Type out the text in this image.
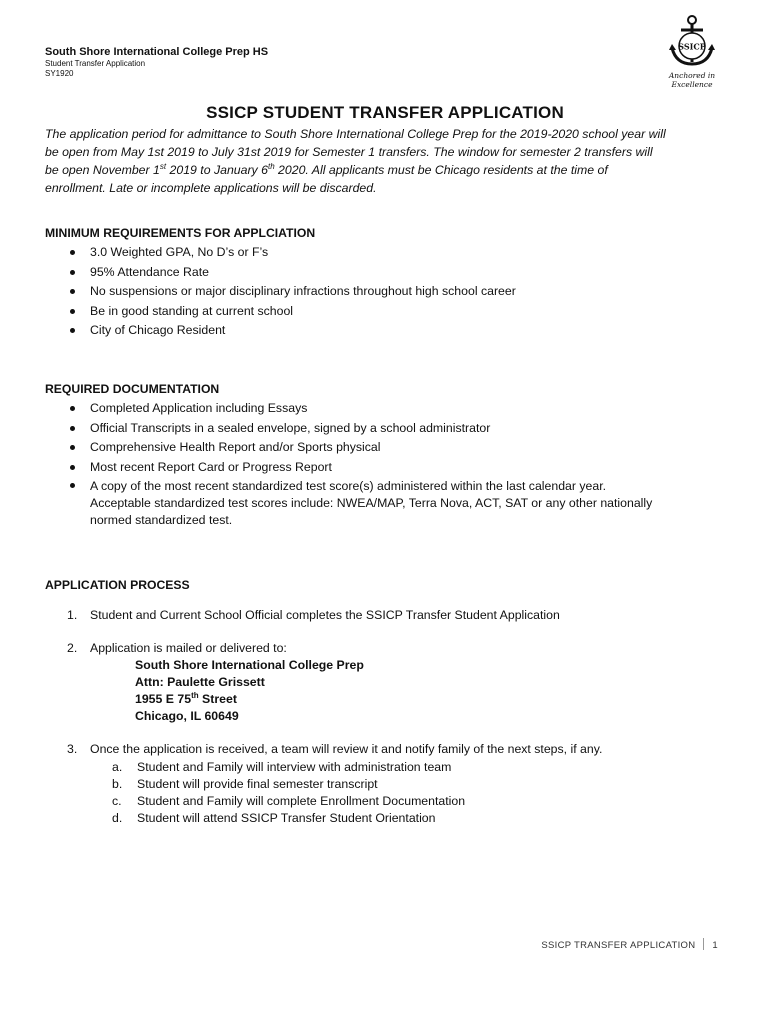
South Shore International College Prep HS

Student Transfer Application

SY1920

SSICP
Anchored in Excellence
SSICP STUDENT TRANSFER APPLICATION

The application period for admittance to South Shore International College Prep for the 2019-2020 school year will
be open from May 1st 2019 to July 31st 2019 for Semester 1 transfers. The window for semester 2 transfers will
be open November 1st 2019 to January 6th 2020. All applicants must be Chicago residents at the time of
enrollment. Late or incomplete applications will be discarded.

MINIMUM REQUIREMENTS FOR APPLCIATION

3.0 Weighted GPA, No D’s or F’s
95% Attendance Rate
No suspensions or major disciplinary infractions throughout high school career
Be in good standing at current school
City of Chicago Resident

REQUIRED DOCUMENTATION

Completed Application including Essays
Official Transcripts in a sealed envelope, signed by a school administrator
Comprehensive Health Report and/or Sports physical
Most recent Report Card or Progress Report
A copy of the most recent standardized test score(s) administered within the last calendar year.
Acceptable standardized test scores include: NWEA/MAP, Terra Nova, ACT, SAT or any other nationally
normed standardized test.

APPLICATION PROCESS

1. Student and Current School Official completes the SSICP Transfer Student Application
2. Application is mailed or delivered to:
South Shore International College Prep
Attn: Paulette Grissett
1955 E 75th Street
Chicago, IL 60649
3. Once the application is received, a team will review it and notify family of the next steps, if any.
a. Student and Family will interview with administration team
b. Student will provide final semester transcript
c. Student and Family will complete Enrollment Documentation
d. Student will attend SSICP Transfer Student Orientation
SSICP TRANSFER APPLICATION 1
